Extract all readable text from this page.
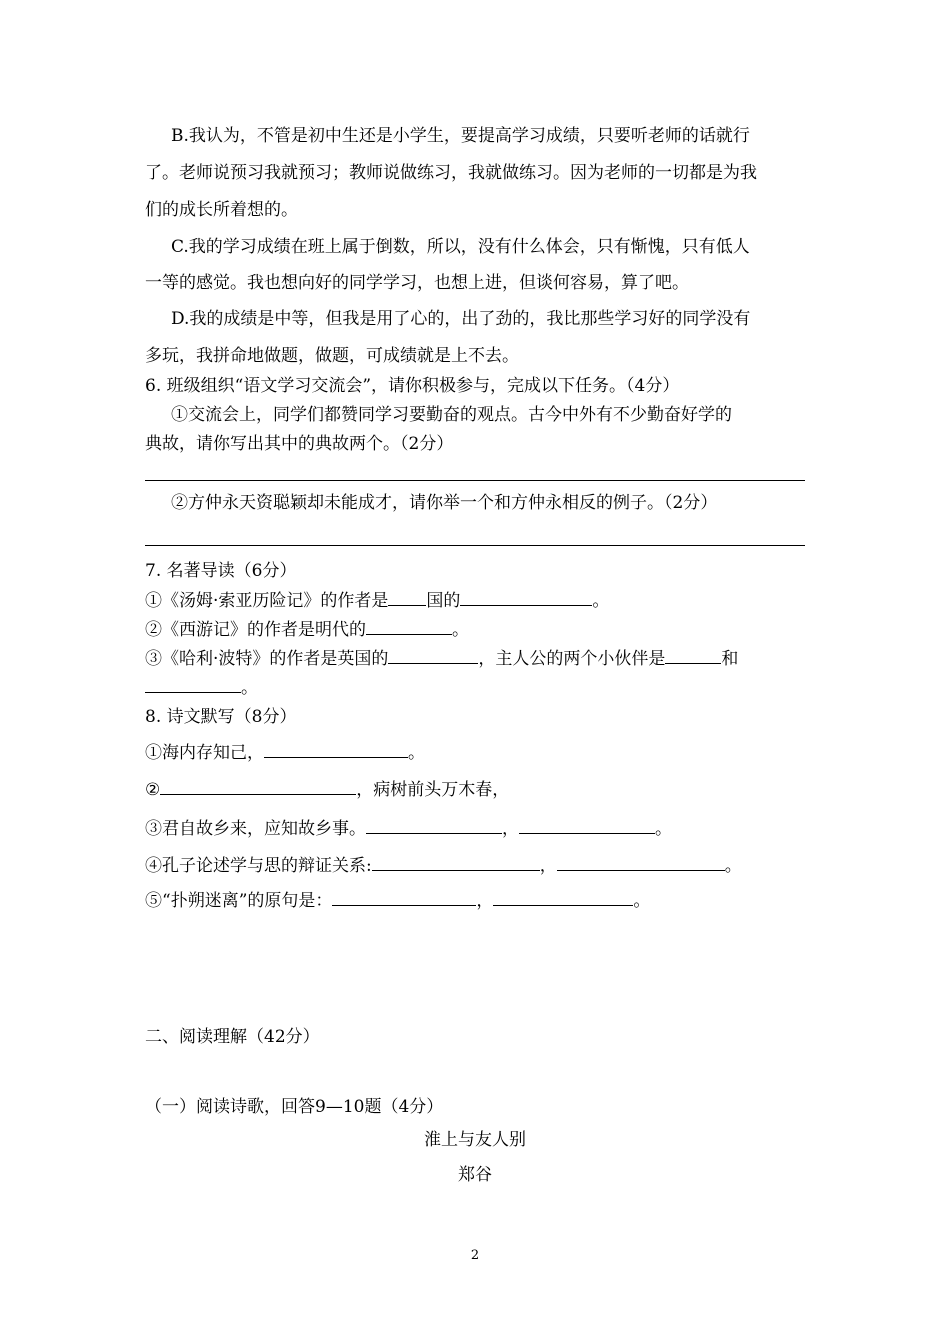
B.我认为，不管是初中生还是小学生，要提高学习成绩，只要听老师的话就行
了。老师说预习我就预习；教师说做练习，我就做练习。因为老师的一切都是为我
们的成长所着想的。
C.我的学习成绩在班上属于倒数，所以，没有什么体会，只有惭愧，只有低人
一等的感觉。我也想向好的同学学习，也想上进，但谈何容易，算了吧。
D.我的成绩是中等，但我是用了心的，出了劲的，我比那些学习好的同学没有
多玩，我拼命地做题，做题，可成绩就是上不去。
6. 班级组织“语文学习交流会”，请你积极参与，完成以下任务。（4分）
①交流会上，同学们都赞同学习要勤奋的观点。古今中外有不少勤奋好学的
典故，请你写出其中的典故两个。（2分）
②方仲永天资聪颖却未能成才，请你举一个和方仲永相反的例子。（2分）
7. 名著导读（6分）
①《汤姆·索亚历险记》的作者是 国的	。
②《西游记》的作者是明代的	。
③《哈利·波特》的作者是英国的	，主人公的两个小伙伴是	和
。
8. 诗文默写（8分）
①海内存知己，	。
②	，病树前头万木春，
③君自故乡来，应知故乡事。	，	。
④孔子论述学与思的辩证关系:	，	。
⑤“扑朔迷离”的原句是：	，	。
二、阅读理解（42分）
（一）阅读诗歌，回答9—10题（4分）
淮上与友人别
郑谷
2
